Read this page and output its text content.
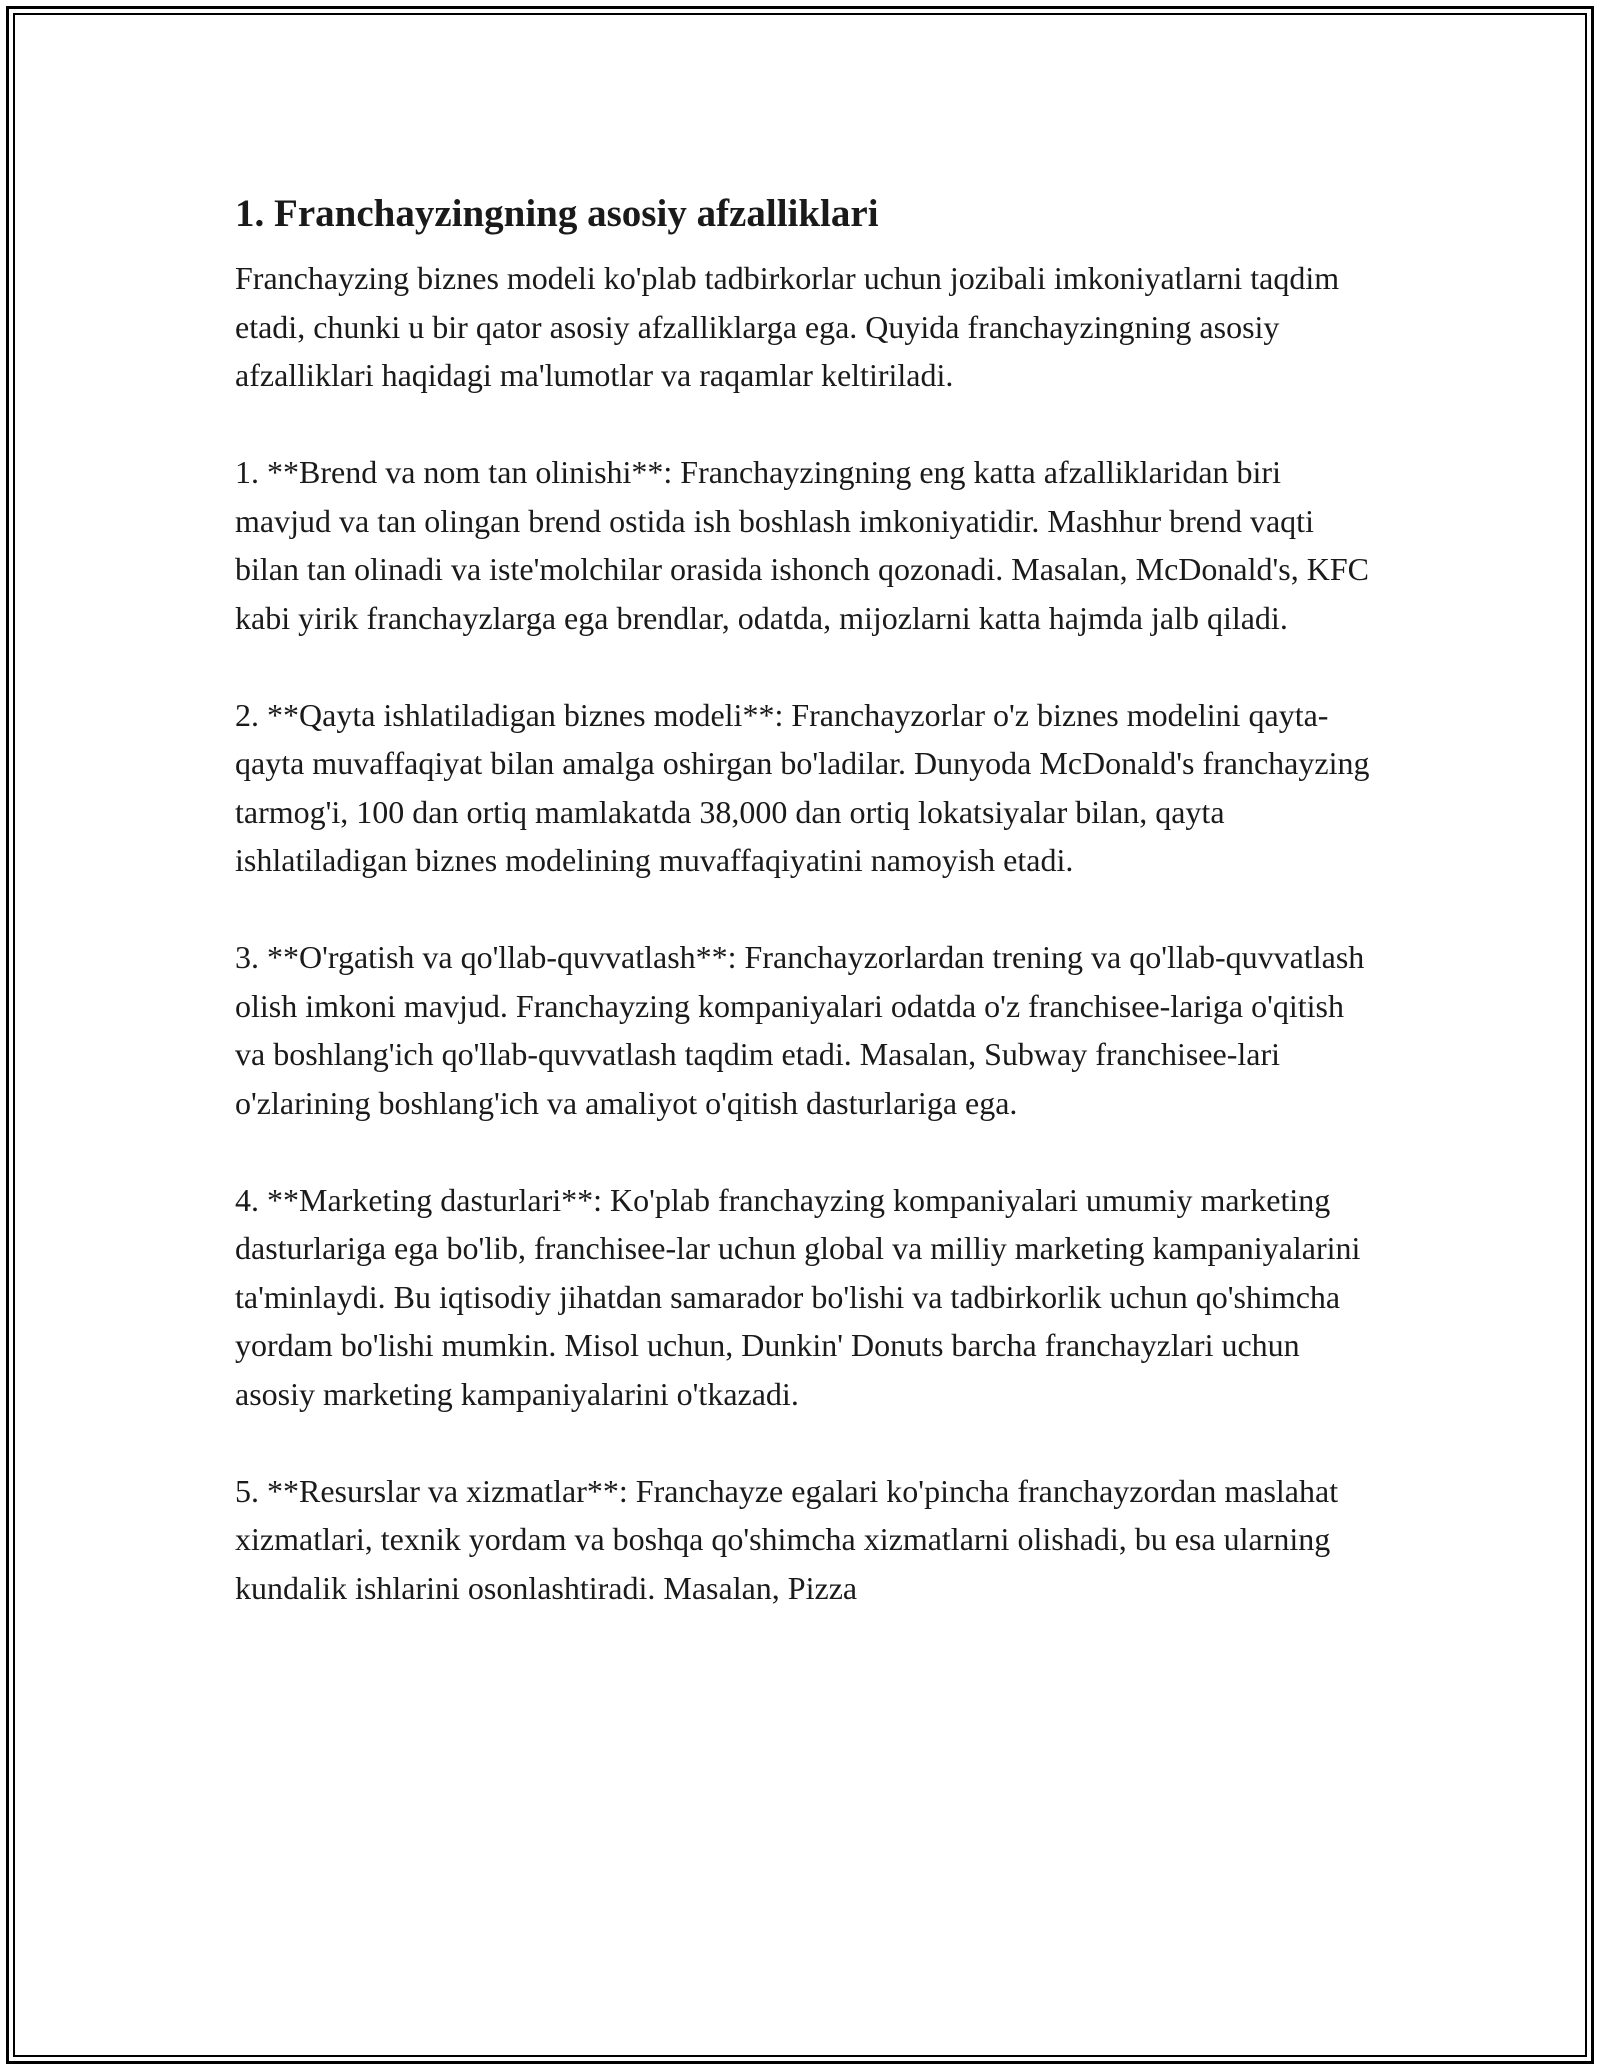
1. Franchayzingning asosiy afzalliklari

Franchayzing biznes modeli ko'plab tadbirkorlar uchun jozibali imkoniyatlarni taqdim etadi, chunki u bir qator asosiy afzalliklarga ega. Quyida franchayzingning asosiy afzalliklari haqidagi ma'lumotlar va raqamlar keltiriladi.

1. **Brend va nom tan olinishi**: Franchayzingning eng katta afzalliklaridan biri mavjud va tan olingan brend ostida ish boshlash imkoniyatidir. Mashhur brend vaqti bilan tan olinadi va iste'molchilar orasida ishonch qozonadi. Masalan, McDonald's, KFC kabi yirik franchayzlarga ega brendlar, odatda, mijozlarni katta hajmda jalb qiladi.

2. **Qayta ishlatiladigan biznes modeli**: Franchayzorlar o'z biznes modelini qayta-qayta muvaffaqiyat bilan amalga oshirgan bo'ladilar. Dunyoda McDonald's franchayzing tarmog'i, 100 dan ortiq mamlakatda 38,000 dan ortiq lokatsiyalar bilan, qayta ishlatiladigan biznes modelining muvaffaqiyatini namoyish etadi.

3. **O'rgatish va qo'llab-quvvatlash**: Franchayzorlardan trening va qo'llab-quvvatlash olish imkoni mavjud. Franchayzing kompaniyalari odatda o'z franchisee-lariga o'qitish va boshlang'ich qo'llab-quvvatlash taqdim etadi. Masalan, Subway franchisee-lari o'zlarining boshlang'ich va amaliyot o'qitish dasturlariga ega.

4. **Marketing dasturlari**: Ko'plab franchayzing kompaniyalari umumiy marketing dasturlariga ega bo'lib, franchisee-lar uchun global va milliy marketing kampaniyalarini ta'minlaydi. Bu iqtisodiy jihatdan samarador bo'lishi va tadbirkorlik uchun qo'shimcha yordam bo'lishi mumkin. Misol uchun, Dunkin' Donuts barcha franchayzlari uchun asosiy marketing kampaniyalarini o'tkazadi.

5. **Resurslar va xizmatlar**: Franchayze egalari ko'pincha franchayzordan maslahat xizmatlari, texnik yordam va boshqa qo'shimcha xizmatlarni olishadi, bu esa ularning kundalik ishlarini osonlashtiradi. Masalan, Pizza
